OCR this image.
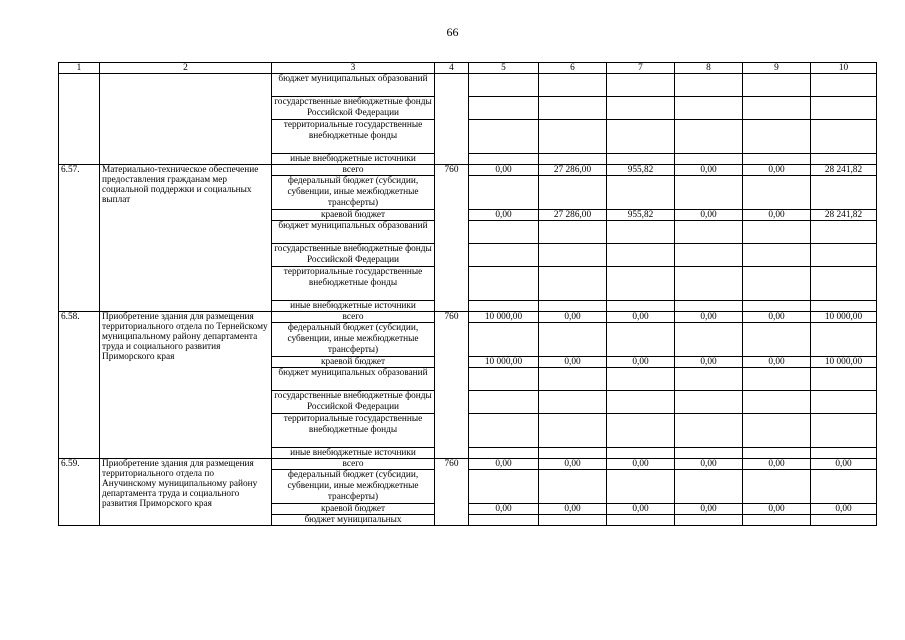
66
1	2	3	4	5	6	7	8	9	10
		бюджет муниципальных образований							
		государственные внебюджетные фонды Российской Федерации							
		территориальные государственные внебюджетные фонды							
		иные внебюджетные источники							
6.57.	Материально-техническое обеспечение предоставления гражданам мер социальной поддержки и социальных выплат	всего	760	0,00	27 286,00	955,82	0,00	0,00	28 241,82
		федеральный бюджет (субсидии, субвенции, иные межбюджетные трансферты)							
		краевой бюджет		0,00	27 286,00	955,82	0,00	0,00	28 241,82
		бюджет муниципальных образований							
		государственные внебюджетные фонды Российской Федерации							
		территориальные государственные внебюджетные фонды							
		иные внебюджетные источники							
6.58.	Приобретение здания для размещения территориального отдела по Тернейскому муниципальному району департамента труда и социального развития Приморского края	всего	760	10 000,00	0,00	0,00	0,00	0,00	10 000,00
		федеральный бюджет (субсидии, субвенции, иные межбюджетные трансферты)							
		краевой бюджет		10 000,00	0,00	0,00	0,00	0,00	10 000,00
		бюджет муниципальных образований							
		государственные внебюджетные фонды Российской Федерации							
		территориальные государственные внебюджетные фонды							
		иные внебюджетные источники							
6.59.	Приобретение здания для размещения территориального отдела по Анучинскому муниципальному району департамента труда и социального развития Приморского края	всего	760	0,00	0,00	0,00	0,00	0,00	0,00
		федеральный бюджет (субсидии, субвенции, иные межбюджетные трансферты)							
		краевой бюджет		0,00	0,00	0,00	0,00	0,00	0,00
		бюджет муниципальных							
